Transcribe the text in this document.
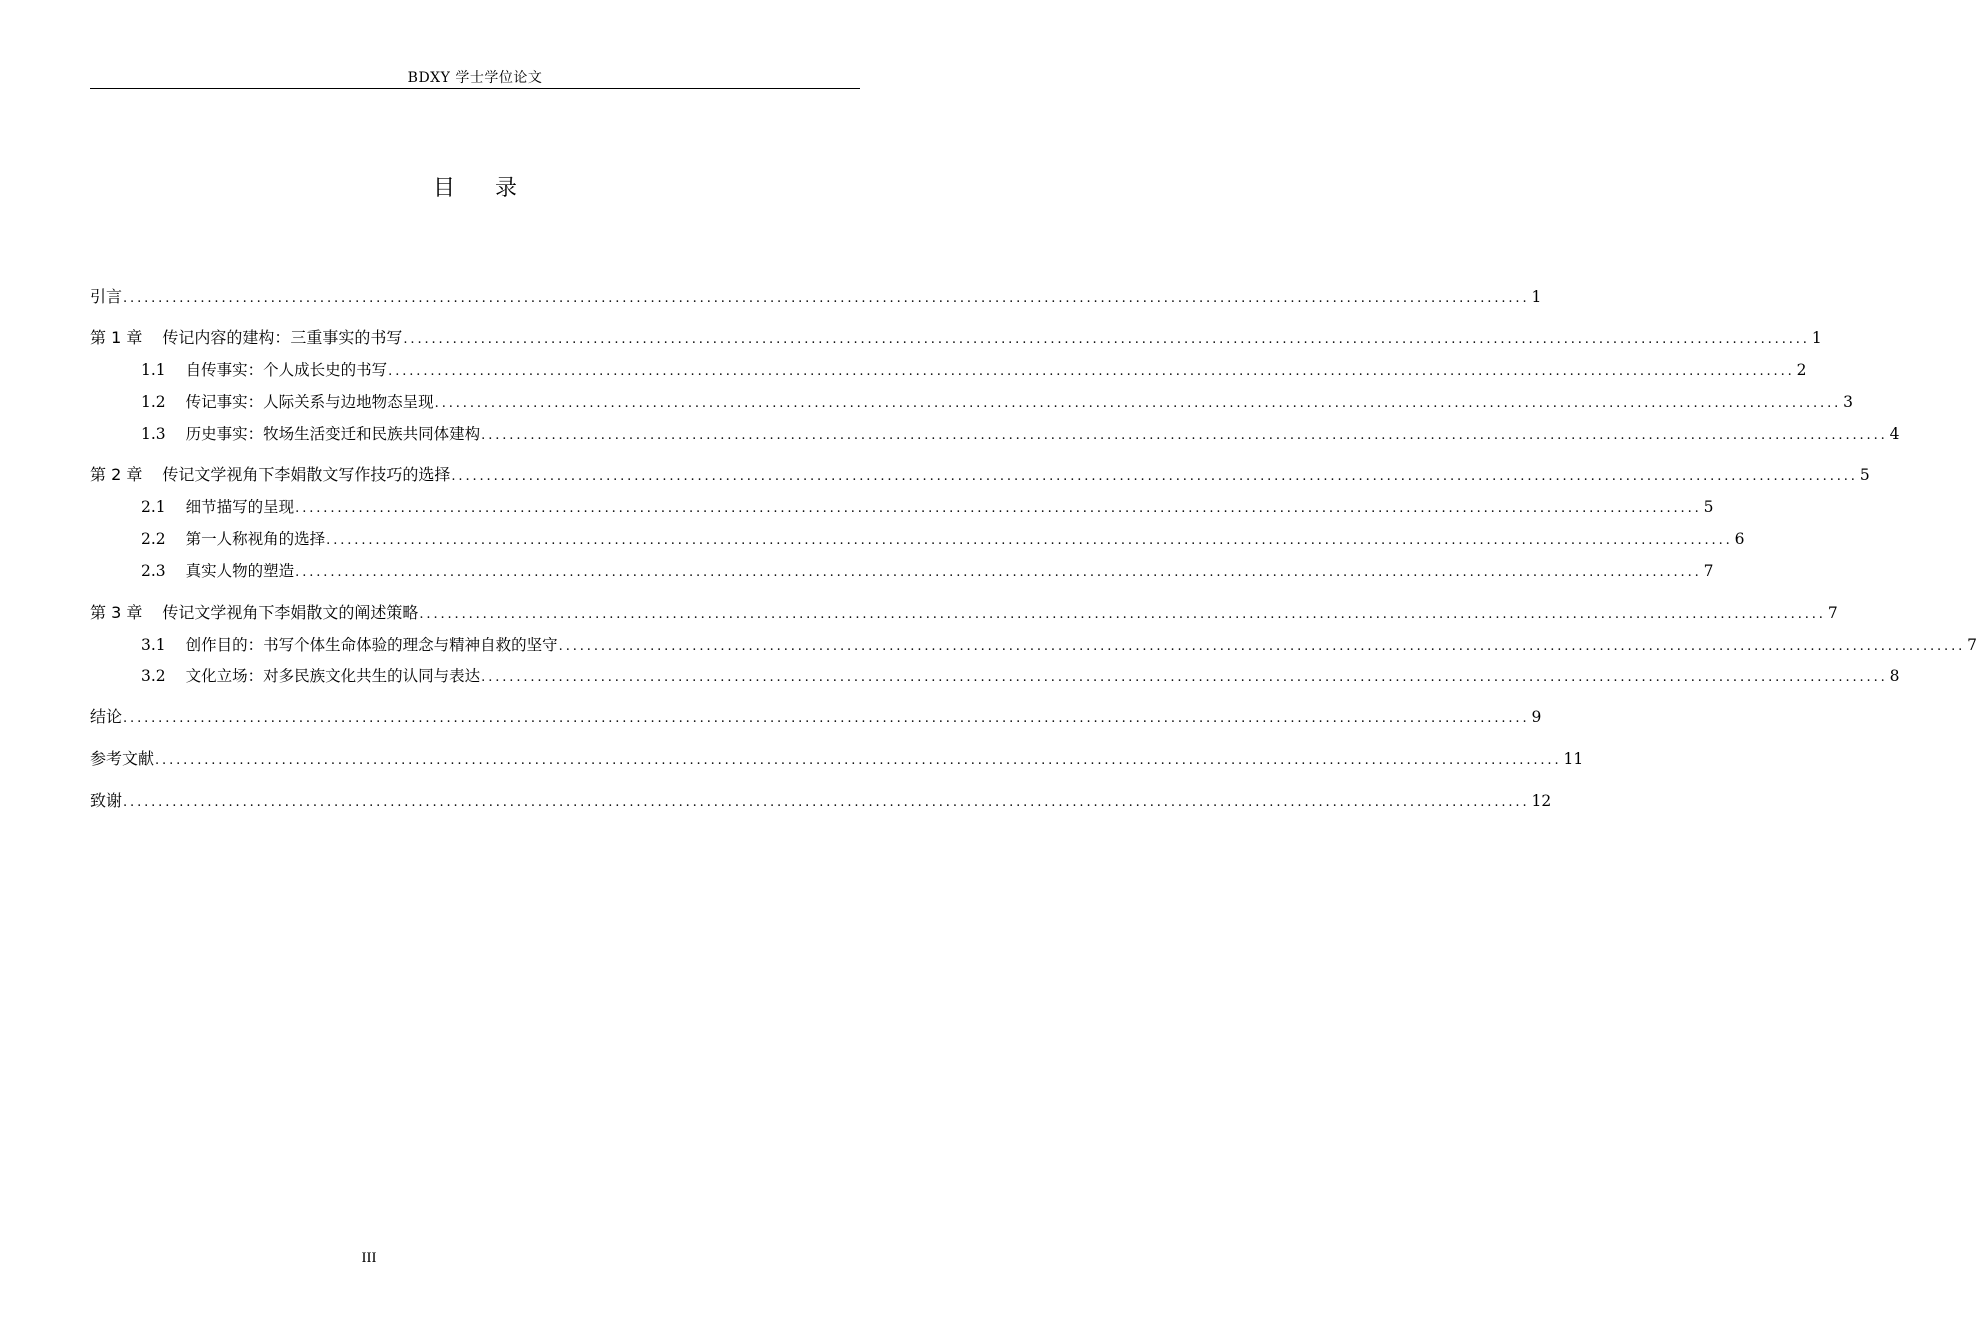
BDXY 学士学位论文
目录
引言 ........................................................................................................................................................................................................ 1
第 1 章 传记内容的建构：三重事实的书写 ........................................................................................................................................................................................................ 1
1.1 自传事实：个人成长史的书写 ........................................................................................................................................................................................................ 2
1.2 传记事实：人际关系与边地物态呈现 ........................................................................................................................................................................................................ 3
1.3 历史事实：牧场生活变迁和民族共同体建构 ........................................................................................................................................................................................................ 4
第 2 章 传记文学视角下李娟散文写作技巧的选择 ........................................................................................................................................................................................................ 5
2.1 细节描写的呈现 ........................................................................................................................................................................................................ 5
2.2 第一人称视角的选择 ........................................................................................................................................................................................................ 6
2.3 真实人物的塑造 ........................................................................................................................................................................................................ 7
第 3 章 传记文学视角下李娟散文的阐述策略 ........................................................................................................................................................................................................ 7
3.1 创作目的：书写个体生命体验的理念与精神自救的坚守 ........................................................................................................................................................................................................ 7
3.2 文化立场：对多民族文化共生的认同与表达 ........................................................................................................................................................................................................ 8
结论 ........................................................................................................................................................................................................ 9
参考文献 ........................................................................................................................................................................................................ 11
致谢 ........................................................................................................................................................................................................ 12
III
